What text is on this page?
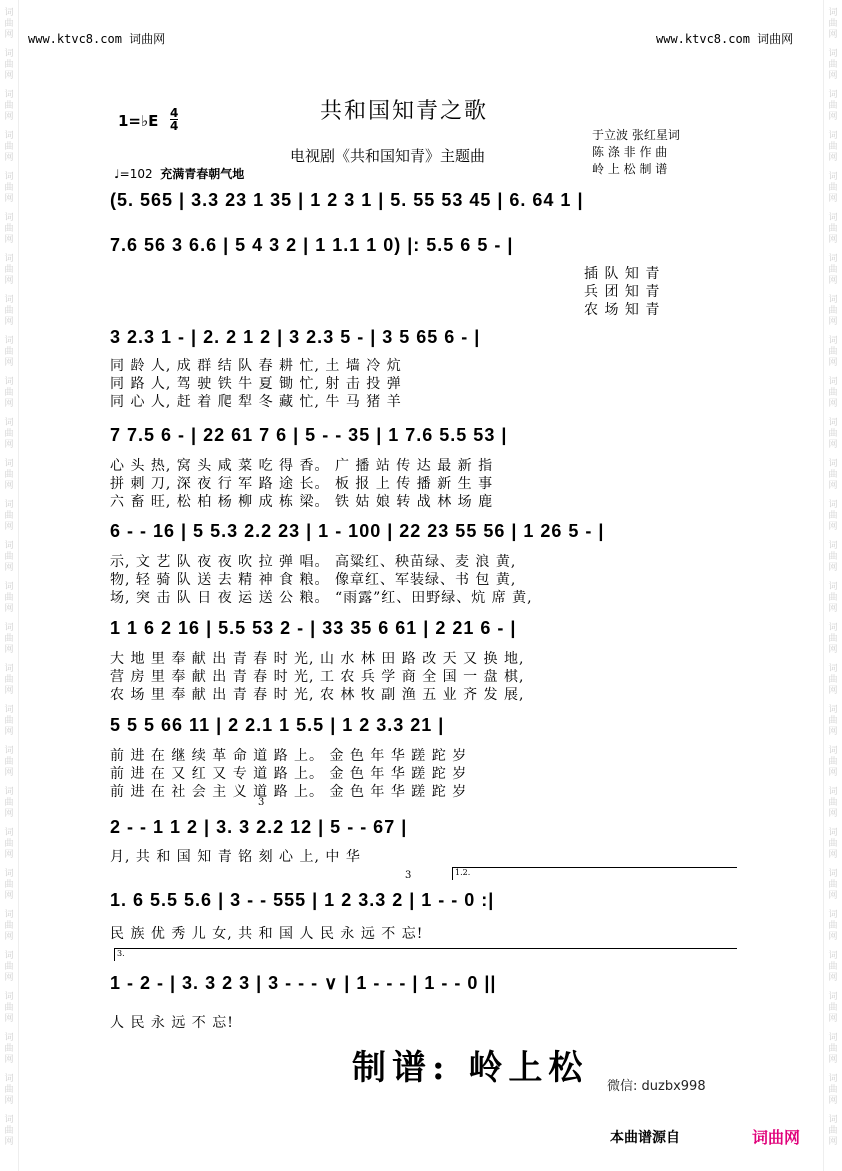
词
曲
网
词
曲
网
词
曲
网
词
曲
网
词
曲
网
词
曲
网
词
曲
网
词
曲
网
词
曲
网
词
曲
网
词
曲
网
词
曲
网
词
曲
网
词
曲
网
词
曲
网
词
曲
网
词
曲
网
词
曲
网
词
曲
网
词
曲
网
词
曲
网
词
曲
网
词
曲
网
词
曲
网
词
曲
网
词
曲
网
词
曲
网
词
曲
网
词
曲
网
词
曲
网
词
曲
网
词
曲
网
词
曲
网
词
曲
网
词
曲
网
词
曲
网
词
曲
网
词
曲
网
词
曲
网
词
曲
网
词
曲
网
词
曲
网
词
曲
网
词
曲
网
词
曲
网
词
曲
网
词
曲
网
词
曲
网
词
曲
网
词
曲
网
词
曲
网
词
曲
网
词
曲
网
词
曲
网
词
曲
网
词
曲
网
www.ktvc8.com 词曲网	www.ktvc8.com 词曲网
共和国知青之歌
1=♭E 4
4
电视剧《共和国知青》主题曲
于立波 张红星词
陈 涤 非 作 曲
岭 上 松 制 谱
♩=102 充满青春朝气地
(5. 565 | 3.3 23 1 35 | 1 2 3 1 | 5. 55 53 45 | 6. 64 1 |
7.6 56 3 6.6 | 5 4 3 2 | 1 1.1 1 0) |: 5.5 6 5 - |
插 队 知 青
兵 团 知 青
农 场 知 青
3 2.3 1 - | 2. 2 1 2 | 3 2.3 5 - | 3 5 65 6 - |
同 龄 人, 成 群 结 队 春 耕 忙, 土 墙 冷 炕
同 路 人, 驾 驶 铁 牛 夏 锄 忙, 射 击 投 弹
同 心 人, 赶 着 爬 犁 冬 藏 忙, 牛 马 猪 羊
7 7.5 6 - | 22 61 7 6 | 5 - - 35 | 1 7.6 5.5 53 |
心 头 热, 窝 头 咸 菜 吃 得 香。 广 播 站 传 达 最 新 指
拼 刺 刀, 深 夜 行 军 路 途 长。 板 报 上 传 播 新 生 事
六 畜 旺, 松 柏 杨 柳 成 栋 梁。 铁 姑 娘 转 战 林 场 鹿
6 - - 16 | 5 5.3 2.2 23 | 1 - 100 | 22 23 55 56 | 1 26 5 - |
示, 文 艺 队 夜 夜 吹 拉 弹 唱。 高粱红、秧苗绿、麦 浪 黄,
物, 轻 骑 队 送 去 精 神 食 粮。 像章红、军装绿、书 包 黄,
场, 突 击 队 日 夜 运 送 公 粮。 “雨露”红、田野绿、炕 席 黄,
1 1 6 2 16 | 5.5 53 2 - | 33 35 6 61 | 2 21 6 - |
大 地 里 奉 献 出 青 春 时 光, 山 水 林 田 路 改 天 又 换 地,
营 房 里 奉 献 出 青 春 时 光, 工 农 兵 学 商 全 国 一 盘 棋,
农 场 里 奉 献 出 青 春 时 光, 农 林 牧 副 渔 五 业 齐 发 展,
5 5 5 66 11 | 2 2.1 1 5.5 | 1 2 3.3 21 |
前 进 在 继 续 革 命 道 路 上。 金 色 年 华 蹉 跎 岁
前 进 在 又 红 又 专 道 路 上。 金 色 年 华 蹉 跎 岁
前 进 在 社 会 主 义 道 路 上。 金 色 年 华 蹉 跎 岁
3
2 - - 1 1 2 | 3. 3 2.2 12 | 5 - - 67 |
月, 共 和 国 知 青 铭 刻 心 上, 中 华
1.2.
3
1. 6 5.5 5.6 | 3 - - 555 | 1 2 3.3 2 | 1 - - 0 :|
民 族 优 秀 儿 女, 共 和 国 人 民 永 远 不 忘!
3.
1 - 2 - | 3. 3 2 3 | 3 - - - ∨ | 1 - - - | 1 - - 0 ||
人 民 永 远 不 忘!
制谱: 岭上松 微信: duzbx998
本曲谱源自	词曲网
